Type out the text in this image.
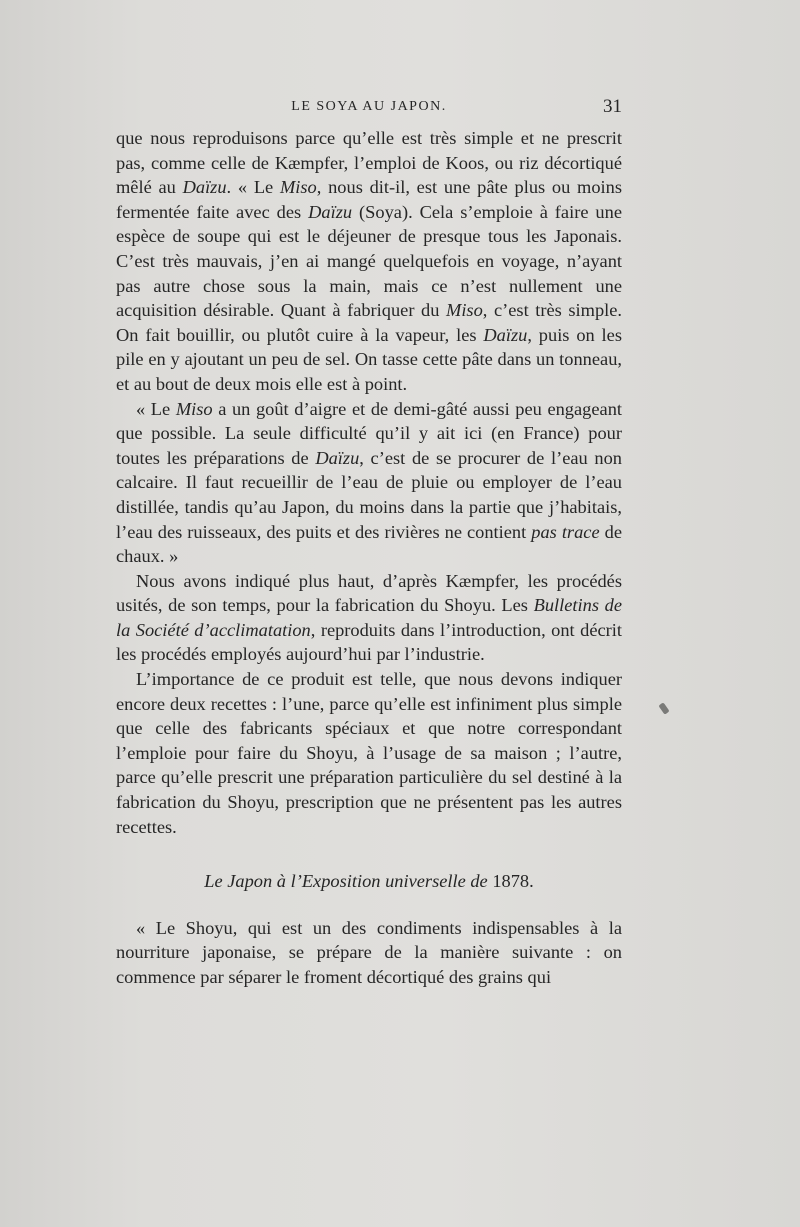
LE SOYA AU JAPON.	31

que nous reproduisons parce qu’elle est très simple et ne prescrit pas, comme celle de Kæmpfer, l’emploi de Koos, ou riz décortiqué mêlé au Daïzu. « Le Miso, nous dit-il, est une pâte plus ou moins fermentée faite avec des Daïzu (Soya). Cela s’emploie à faire une espèce de soupe qui est le déjeuner de presque tous les Japonais. C’est très mauvais, j’en ai mangé quelquefois en voyage, n’ayant pas autre chose sous la main, mais ce n’est nullement une acquisition désirable. Quant à fabriquer du Miso, c’est très simple. On fait bouillir, ou plutôt cuire à la vapeur, les Daïzu, puis on les pile en y ajoutant un peu de sel. On tasse cette pâte dans un tonneau, et au bout de deux mois elle est à point.

« Le Miso a un goût d’aigre et de demi-gâté aussi peu engageant que possible. La seule difficulté qu’il y ait ici (en France) pour toutes les préparations de Daïzu, c’est de se procurer de l’eau non calcaire. Il faut recueillir de l’eau de pluie ou employer de l’eau distillée, tandis qu’au Japon, du moins dans la partie que j’habitais, l’eau des ruisseaux, des puits et des rivières ne contient pas trace de chaux. »

Nous avons indiqué plus haut, d’après Kæmpfer, les procédés usités, de son temps, pour la fabrication du Shoyu. Les Bulletins de la Société d’acclimatation, reproduits dans l’introduction, ont décrit les procédés employés aujourd’hui par l’industrie.

L’importance de ce produit est telle, que nous devons indiquer encore deux recettes : l’une, parce qu’elle est infiniment plus simple que celle des fabricants spéciaux et que notre correspondant l’emploie pour faire du Shoyu, à l’usage de sa maison ; l’autre, parce qu’elle prescrit une préparation particulière du sel destiné à la fabrication du Shoyu, prescription que ne présentent pas les autres recettes.

Le Japon à l’Exposition universelle de 1878.

« Le Shoyu, qui est un des condiments indispensables à la nourriture japonaise, se prépare de la manière suivante : on commence par séparer le froment décortiqué des grains qui
